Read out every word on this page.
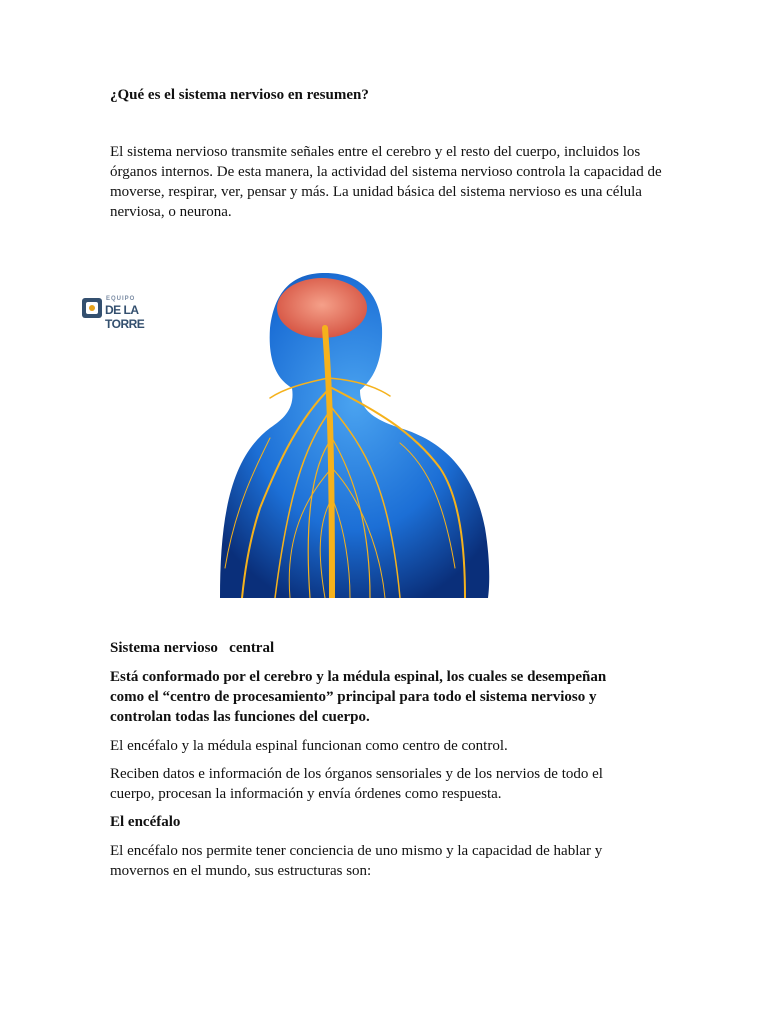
¿Qué es el sistema nervioso en resumen?

El sistema nervioso transmite señales entre el cerebro y el resto del cuerpo, incluidos los órganos internos. De esta manera, la actividad del sistema nervioso controla la capacidad de moverse, respirar, ver, pensar y más. La unidad básica del sistema nervioso es una célula nerviosa, o neurona.

EQUIPO
DE LA TORRE

Sistema nervioso   central

Está conformado por el cerebro y la médula espinal, los cuales se desempeñan como el “centro de procesamiento” principal para todo el sistema nervioso y controlan todas las funciones del cuerpo.

El encéfalo y la médula espinal funcionan como centro de control.

Reciben datos e información de los órganos sensoriales y de los nervios de todo el cuerpo, procesan la información y envía órdenes como respuesta.

El encéfalo

El encéfalo nos permite tener conciencia de uno mismo y la capacidad de hablar y movernos en el mundo, sus estructuras son:
